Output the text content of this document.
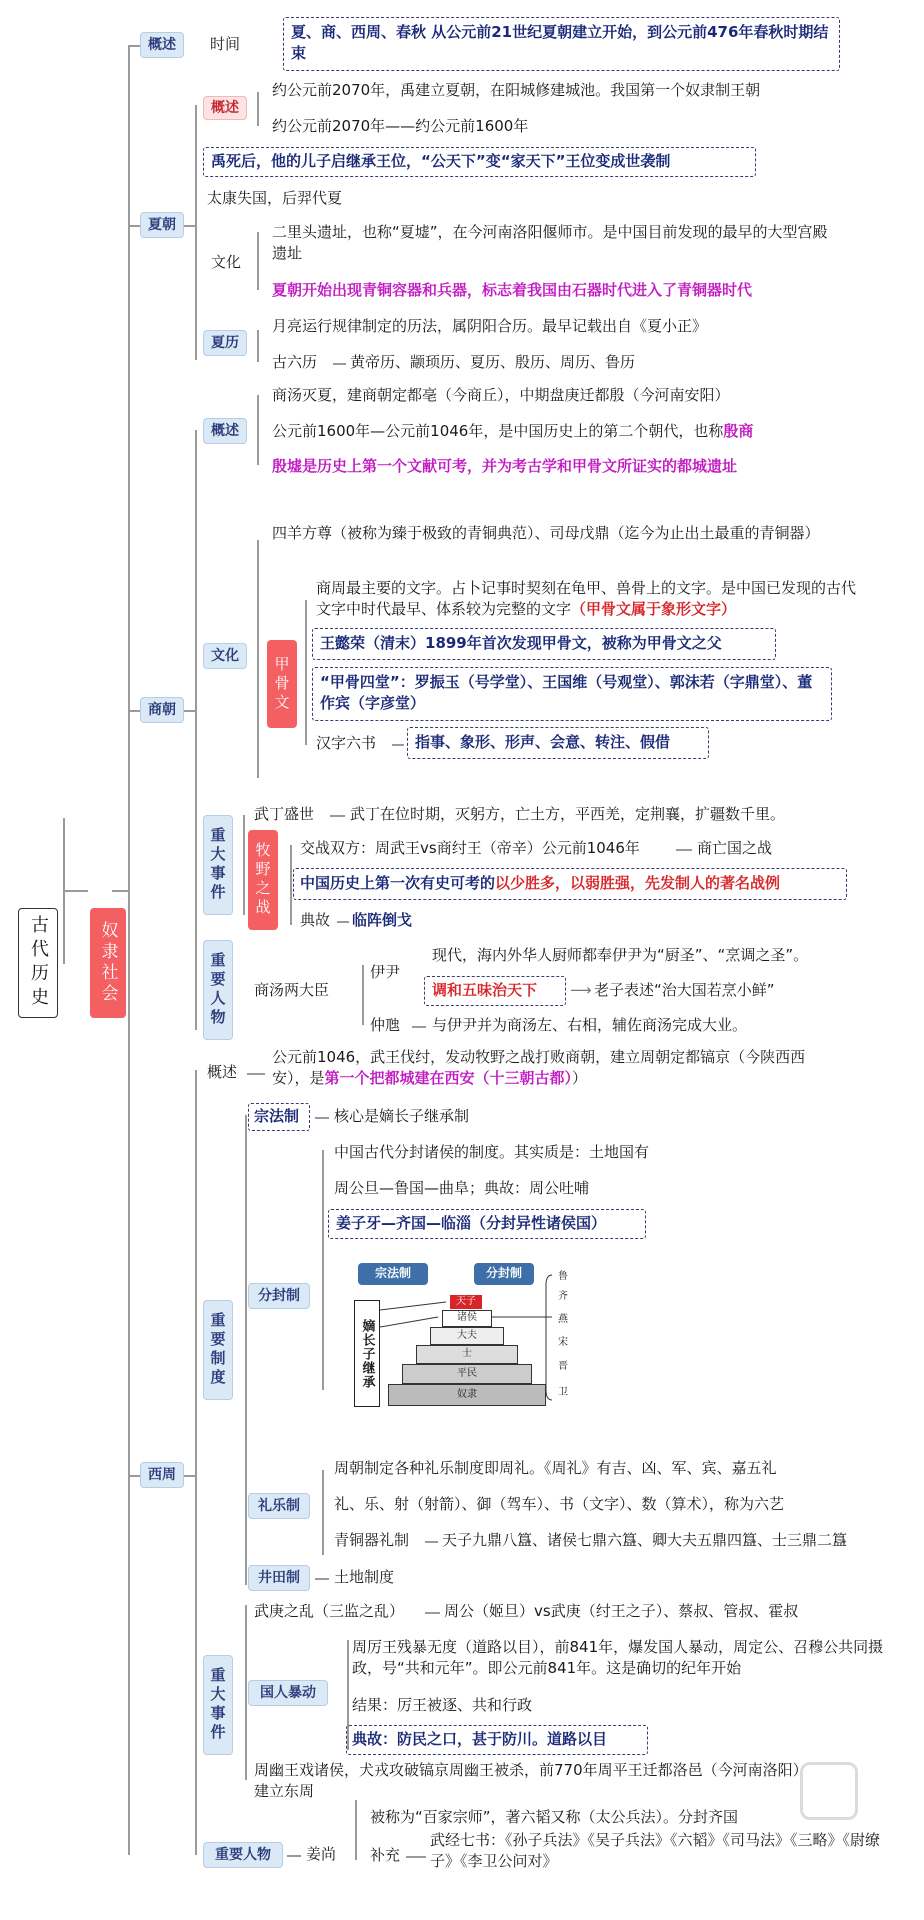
古代历史	奴隶社会
概述	时间
夏、商、西周、春秋 从公元前21世纪夏朝建立开始，到公元前476年春秋时期结束
夏朝
概述
约公元前2070年，禹建立夏朝，在阳城修建城池。我国第一个奴隶制王朝
约公元前2070年——约公元前1600年
禹死后，他的儿子启继承王位，“公天下”变“家天下”王位变成世袭制
太康失国，后羿代夏
文化
二里头遗址，也称“夏墟”，在今河南洛阳偃师市。是中国目前发现的最早的大型宫殿遗址
夏朝开始出现青铜容器和兵器，标志着我国由石器时代进入了青铜器时代
夏历
月亮运行规律制定的历法，属阴阳合历。最早记载出自《夏小正》
古六历 黄帝历、颛顼历、夏历、殷历、周历、鲁历
商朝
概述
商汤灭夏，建商朝定都亳（今商丘），中期盘庚迁都殷（今河南安阳）
公元前1600年—公元前1046年，是中国历史上的第二个朝代，也称殷商
殷墟是历史上第一个文献可考，并为考古学和甲骨文所证实的都城遗址
文化
四羊方尊（被称为臻于极致的青铜典范）、司母戊鼎（迄今为止出土最重的青铜器）
甲骨文
商周最主要的文字。占卜记事时契刻在龟甲、兽骨上的文字。是中国已发现的古代文字中时代最早、体系较为完整的文字（甲骨文属于象形文字）
王懿荣（清末）1899年首次发现甲骨文，被称为甲骨文之父
“甲骨四堂”：罗振玉（号学堂）、王国维（号观堂）、郭沫若（字鼎堂）、董作宾（字彦堂）
汉字六书	指事、象形、形声、会意、转注、假借
重大事件
武丁盛世 武丁在位时期，灭躬方，亡土方，平西羌，定荆襄，扩疆数千里。
牧野之战	交战双方：周武王vs商纣王（帝辛）公元前1046年	商亡国之战
中国历史上第一次有史可考的以少胜多，以弱胜强，先发制人的著名战例
典故 临阵倒戈
重要人物	商汤两大臣
伊尹
现代，海内外华人厨师都奉伊尹为“厨圣”、“烹调之圣”。
调和五味治天下 ⟶ 老子表述“治大国若烹小鲜”
仲虺 与伊尹并为商汤左、右相，辅佐商汤完成大业。
西周
概述
公元前1046，武王伐纣，发动牧野之战打败商朝，建立周朝定都镐京（今陕西西安），是第一个把都城建在西安（十三朝古都））
重要制度
宗法制 核心是嫡长子继承制
分封制
中国古代分封诸侯的制度。其实质是：土地国有
周公旦—鲁国—曲阜；典故：周公吐哺
姜子牙—齐国—临淄（分封异性诸侯国）
宗法制	分封制
嫡长子继承
天子
诸侯
大夫
士
平民
奴隶
鲁
齐
燕
宋
晋
卫
礼乐制
周朝制定各种礼乐制度即周礼。《周礼》有吉、凶、军、宾、嘉五礼
礼、乐、射（射箭）、御（驾车）、书（文字）、数（算术），称为六艺
青铜器礼制 天子九鼎八簋、诸侯七鼎六簋、卿大夫五鼎四簋、士三鼎二簋
井田制	土地制度
重大事件
武庚之乱（三监之乱）	周公（姬旦）vs武庚（纣王之子）、蔡叔、管叔、霍叔
国人暴动
周厉王残暴无度（道路以目），前841年，爆发国人暴动，周定公、召穆公共同摄政，号“共和元年”。即公元前841年。这是确切的纪年开始
结果：厉王被逐、共和行政
典故：防民之口，甚于防川。道路以目
周幽王戏诸侯，犬戎攻破镐京周幽王被杀，前770年周平王迁都洛邑（今河南洛阳）建立东周
重要人物	姜尚
被称为“百家宗师”，著六韬又称（太公兵法）。分封齐国
补充
武经七书：《孙子兵法》《吴子兵法》《六韬》《司马法》《三略》《尉缭子》《李卫公问对》
